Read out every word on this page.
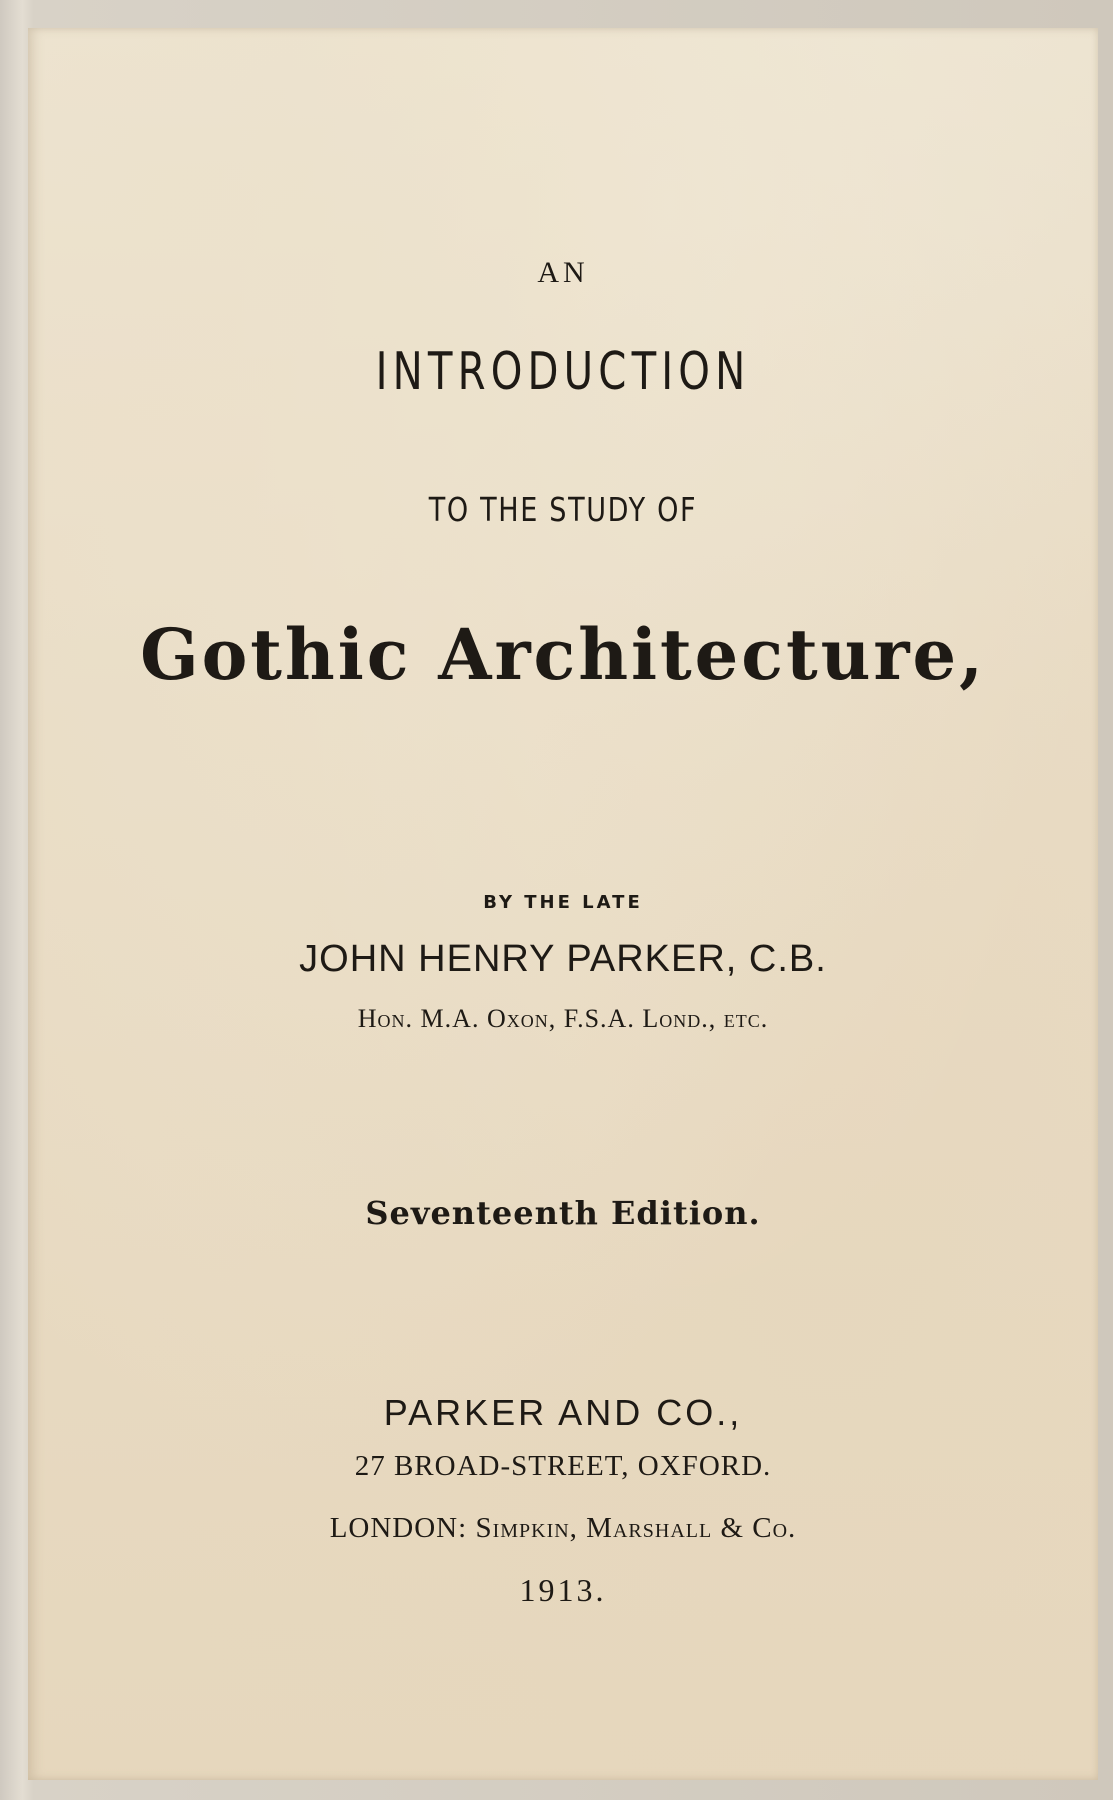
AN
INTRODUCTION
TO THE STUDY OF
Gothic Architecture,
BY THE LATE
JOHN HENRY PARKER, C.B.
Hon. M.A. Oxon, F.S.A. Lond., etc.
Seventeenth Edition.
PARKER AND CO.,
27 BROAD-STREET, OXFORD.
LONDON: Simpkin, Marshall & Co.
1913.
